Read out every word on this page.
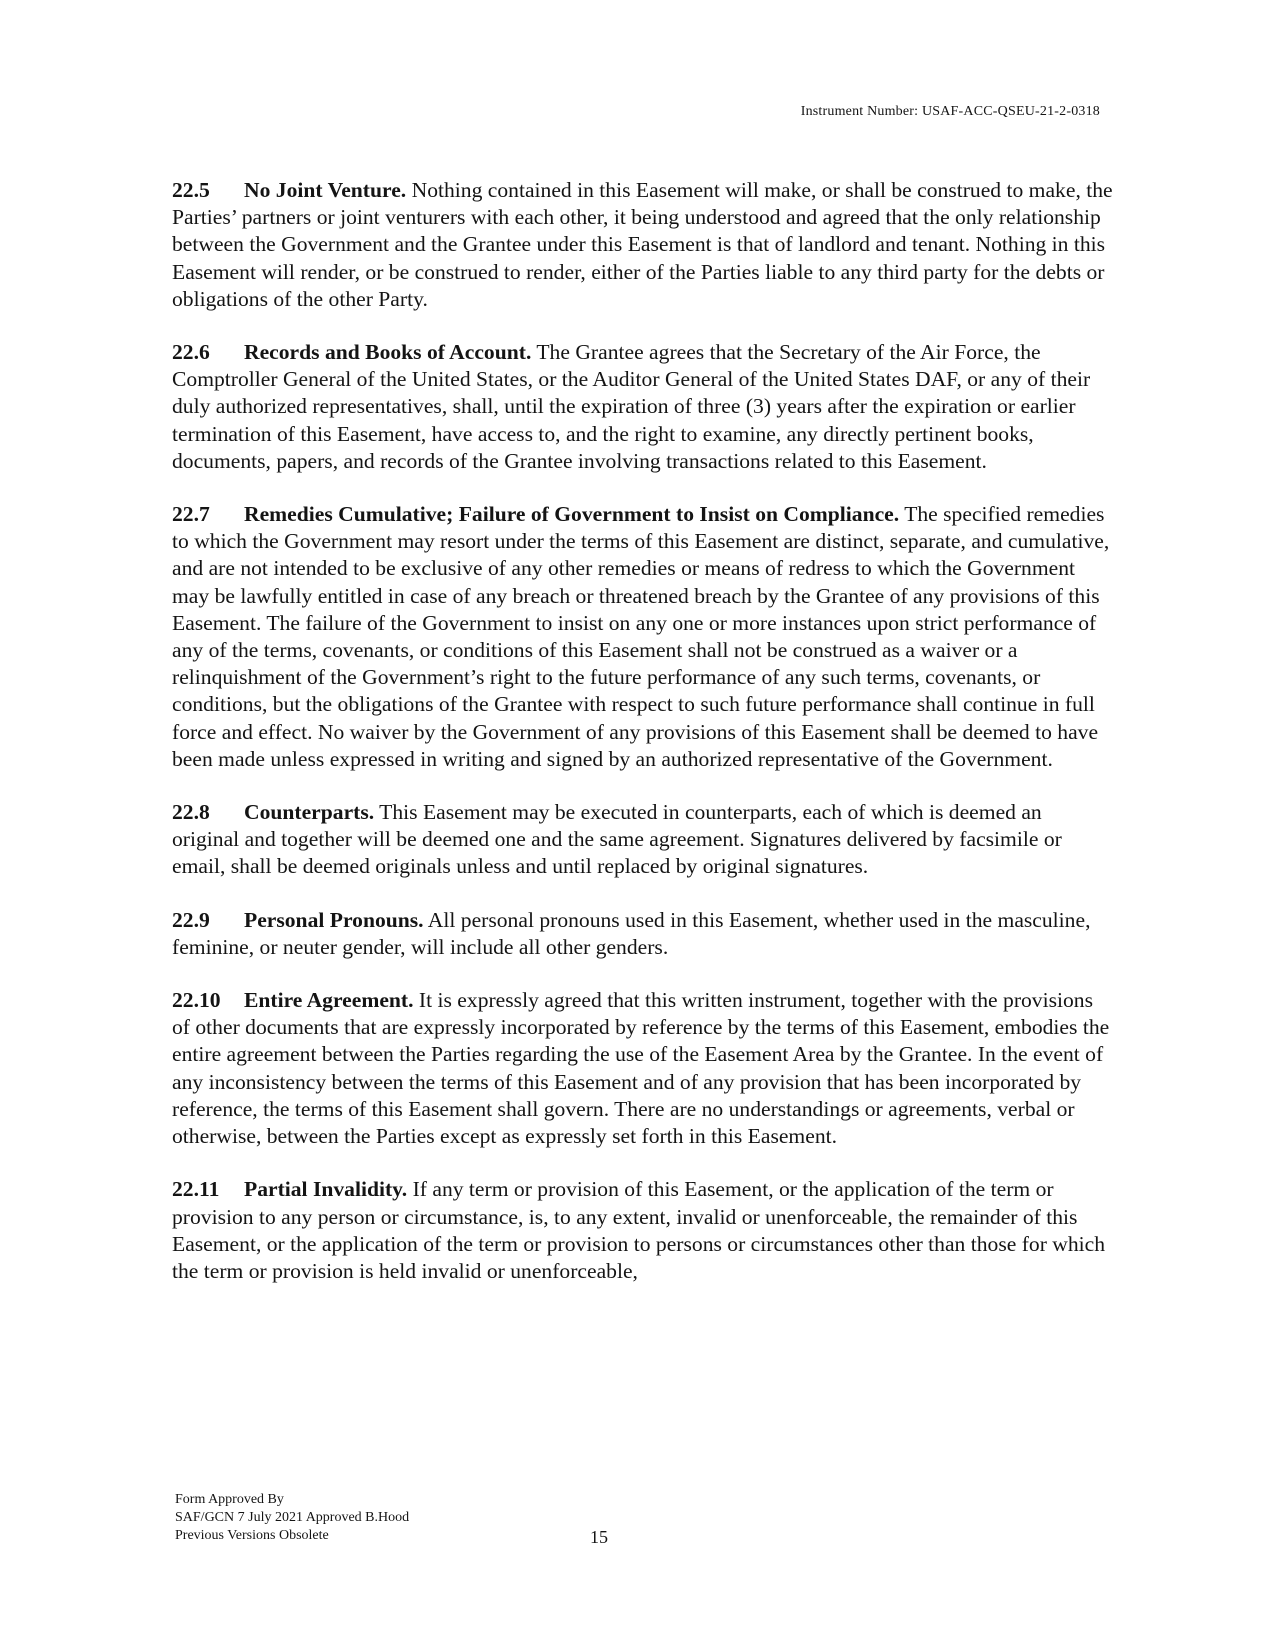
Instrument Number: USAF-ACC-QSEU-21-2-0318

22.5 No Joint Venture. Nothing contained in this Easement will make, or shall be construed to make, the Parties’ partners or joint venturers with each other, it being understood and agreed that the only relationship between the Government and the Grantee under this Easement is that of landlord and tenant. Nothing in this Easement will render, or be construed to render, either of the Parties liable to any third party for the debts or obligations of the other Party.

22.6 Records and Books of Account. The Grantee agrees that the Secretary of the Air Force, the Comptroller General of the United States, or the Auditor General of the United States DAF, or any of their duly authorized representatives, shall, until the expiration of three (3) years after the expiration or earlier termination of this Easement, have access to, and the right to examine, any directly pertinent books, documents, papers, and records of the Grantee involving transactions related to this Easement.

22.7 Remedies Cumulative; Failure of Government to Insist on Compliance. The specified remedies to which the Government may resort under the terms of this Easement are distinct, separate, and cumulative, and are not intended to be exclusive of any other remedies or means of redress to which the Government may be lawfully entitled in case of any breach or threatened breach by the Grantee of any provisions of this Easement. The failure of the Government to insist on any one or more instances upon strict performance of any of the terms, covenants, or conditions of this Easement shall not be construed as a waiver or a relinquishment of the Government’s right to the future performance of any such terms, covenants, or conditions, but the obligations of the Grantee with respect to such future performance shall continue in full force and effect. No waiver by the Government of any provisions of this Easement shall be deemed to have been made unless expressed in writing and signed by an authorized representative of the Government.

22.8 Counterparts. This Easement may be executed in counterparts, each of which is deemed an original and together will be deemed one and the same agreement. Signatures delivered by facsimile or email, shall be deemed originals unless and until replaced by original signatures.

22.9 Personal Pronouns. All personal pronouns used in this Easement, whether used in the masculine, feminine, or neuter gender, will include all other genders.

22.10 Entire Agreement. It is expressly agreed that this written instrument, together with the provisions of other documents that are expressly incorporated by reference by the terms of this Easement, embodies the entire agreement between the Parties regarding the use of the Easement Area by the Grantee. In the event of any inconsistency between the terms of this Easement and of any provision that has been incorporated by reference, the terms of this Easement shall govern. There are no understandings or agreements, verbal or otherwise, between the Parties except as expressly set forth in this Easement.

22.11 Partial Invalidity. If any term or provision of this Easement, or the application of the term or provision to any person or circumstance, is, to any extent, invalid or unenforceable, the remainder of this Easement, or the application of the term or provision to persons or circumstances other than those for which the term or provision is held invalid or unenforceable,

Form Approved By
SAF/GCN 7 July 2021 Approved B.Hood
Previous Versions Obsolete	15
